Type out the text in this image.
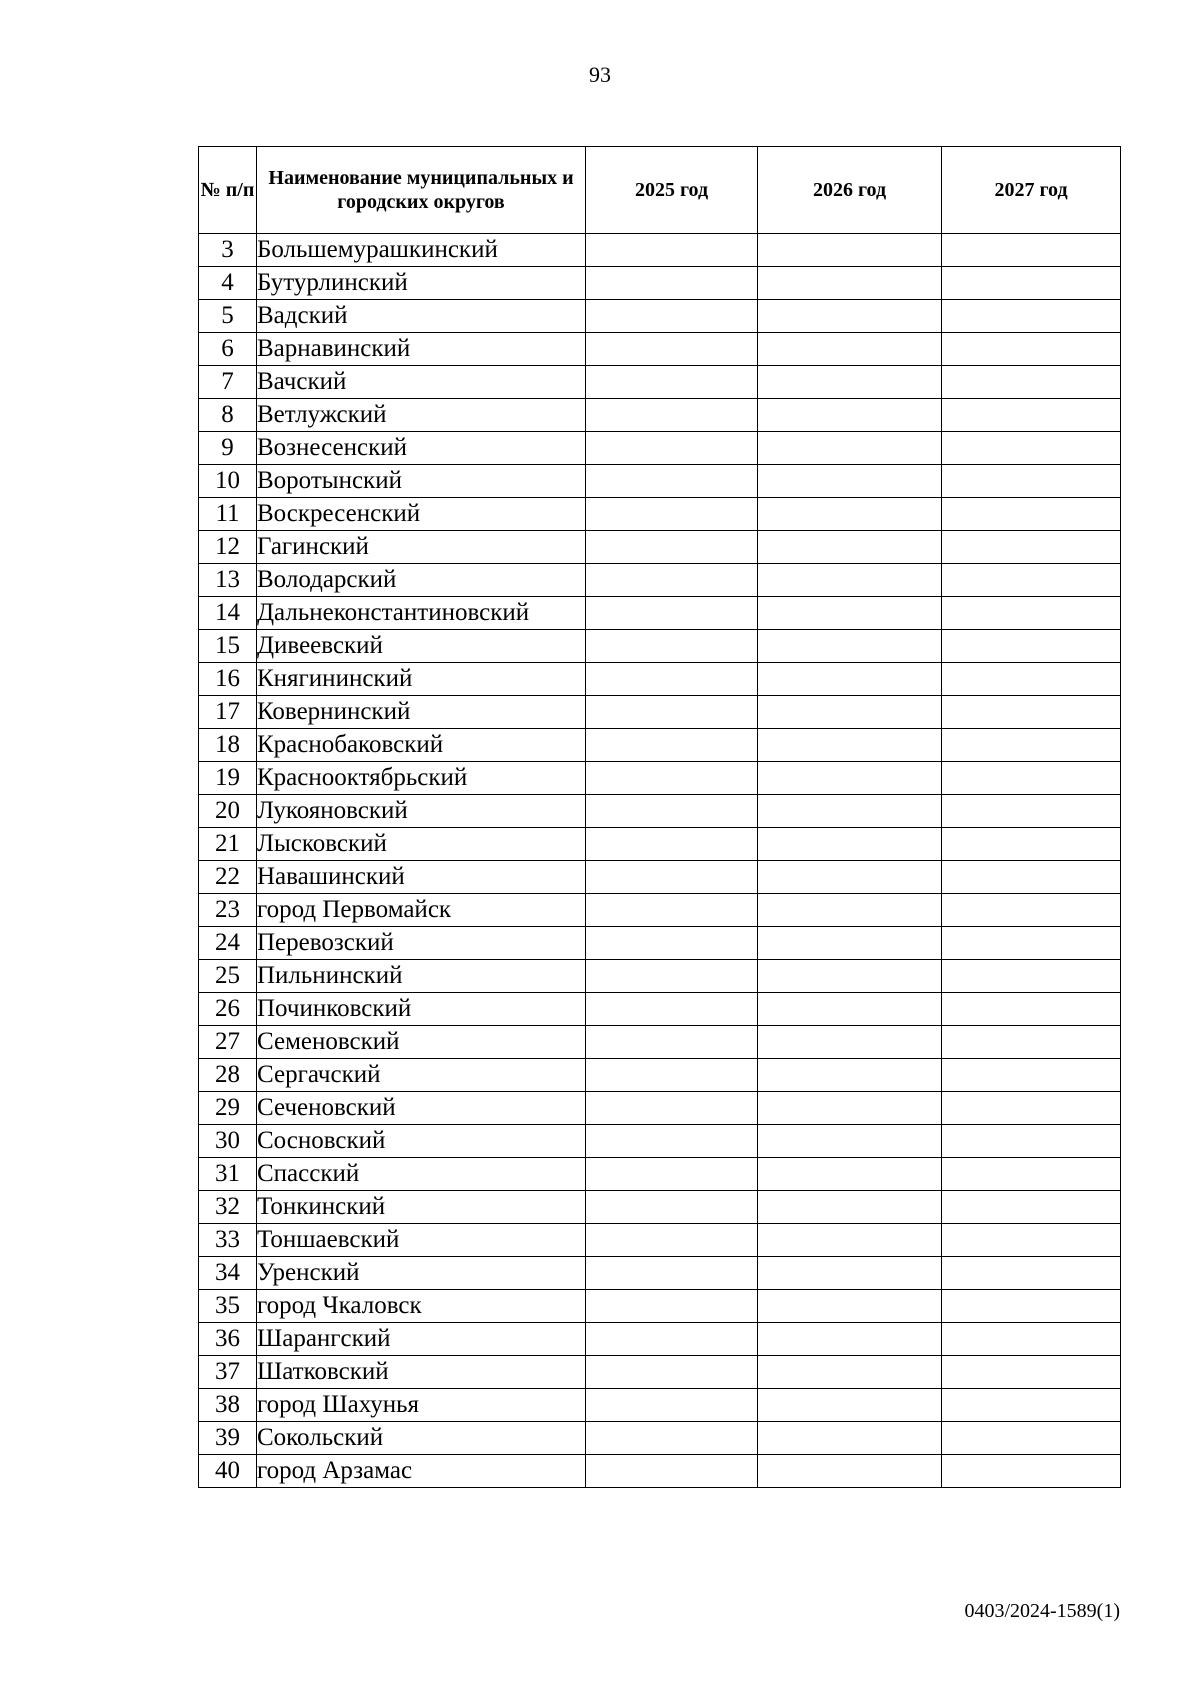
93
№ п/п	Наименование муниципальных и городских округов	2025 год	2026 год	2027 год
3	Большемурашкинский			
4	Бутурлинский			
5	Вадский			
6	Варнавинский			
7	Вачский			
8	Ветлужский			
9	Вознесенский			
10	Воротынский			
11	Воскресенский			
12	Гагинский			
13	Володарский			
14	Дальнеконстантиновский			
15	Дивеевский			
16	Княгининский			
17	Ковернинский			
18	Краснобаковский			
19	Краснооктябрьский			
20	Лукояновский			
21	Лысковский			
22	Навашинский			
23	город Первомайск			
24	Перевозский			
25	Пильнинский			
26	Починковский			
27	Семеновский			
28	Сергачский			
29	Сеченовский			
30	Сосновский			
31	Спасский			
32	Тонкинский			
33	Тоншаевский			
34	Уренский			
35	город Чкаловск			
36	Шарангский			
37	Шатковский			
38	город Шахунья			
39	Сокольский			
40	город Арзамас			
0403/2024-1589(1)
